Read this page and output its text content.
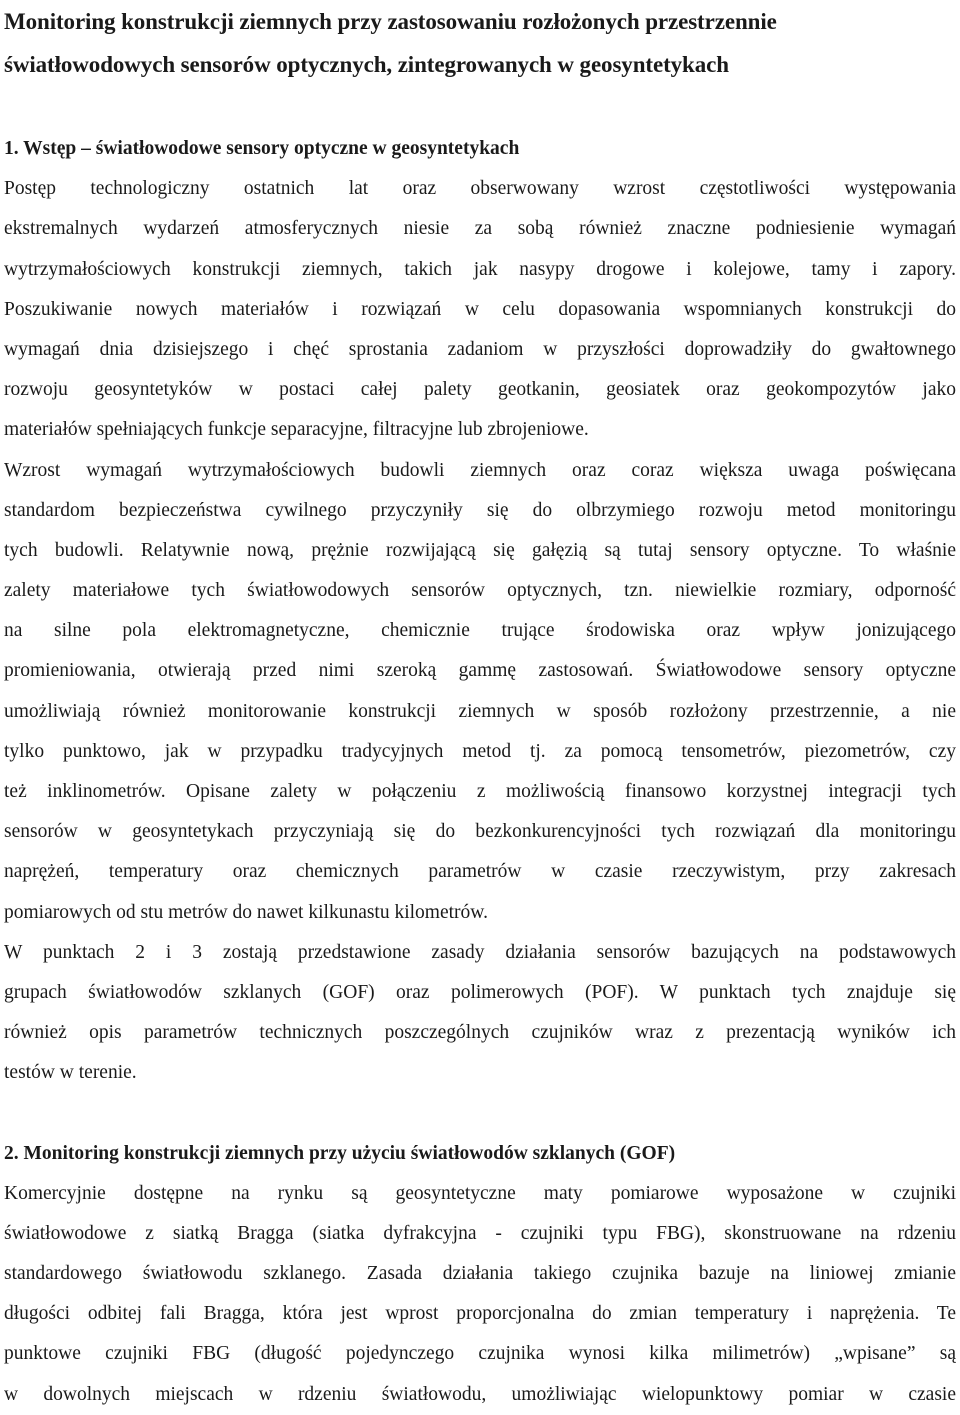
Monitoring konstrukcji ziemnych przy zastosowaniu rozłożonych przestrzennie
światłowodowych sensorów optycznych, zintegrowanych w geosyntetykach
1. Wstęp – światłowodowe sensory optyczne w geosyntetykach
Postęp technologiczny ostatnich lat oraz obserwowany wzrost częstotliwości występowania
ekstremalnych wydarzeń atmosferycznych niesie za sobą również znaczne podniesienie wymagań
wytrzymałościowych konstrukcji ziemnych, takich jak nasypy drogowe i kolejowe, tamy i zapory.
Poszukiwanie nowych materiałów i rozwiązań w celu dopasowania wspomnianych konstrukcji do
wymagań dnia dzisiejszego i chęć sprostania zadaniom w przyszłości doprowadziły do gwałtownego
rozwoju geosyntetyków w postaci całej palety geotkanin, geosiatek oraz geokompozytów jako
materiałów spełniających funkcje separacyjne, filtracyjne lub zbrojeniowe.
Wzrost wymagań wytrzymałościowych budowli ziemnych oraz coraz większa uwaga poświęcana
standardom bezpieczeństwa cywilnego przyczyniły się do olbrzymiego rozwoju metod monitoringu
tych budowli. Relatywnie nową, prężnie rozwijającą się gałęzią są tutaj sensory optyczne. To właśnie
zalety materiałowe tych światłowodowych sensorów optycznych, tzn. niewielkie rozmiary, odporność
na silne pola elektromagnetyczne, chemicznie trujące środowiska oraz wpływ jonizującego
promieniowania, otwierają przed nimi szeroką gammę zastosowań. Światłowodowe sensory optyczne
umożliwiają również monitorowanie konstrukcji ziemnych w sposób rozłożony przestrzennie, a nie
tylko punktowo, jak w przypadku tradycyjnych metod tj. za pomocą tensometrów, piezometrów, czy
też inklinometrów. Opisane zalety w połączeniu z możliwością finansowo korzystnej integracji tych
sensorów w geosyntetykach przyczyniają się do bezkonkurencyjności tych rozwiązań dla monitoringu
naprężeń, temperatury oraz chemicznych parametrów w czasie rzeczywistym, przy zakresach
pomiarowych od stu metrów do nawet kilkunastu kilometrów.
W punktach 2 i 3 zostają przedstawione zasady działania sensorów bazujących na podstawowych
grupach światłowodów szklanych (GOF) oraz polimerowych (POF). W punktach tych znajduje się
również opis parametrów technicznych poszczególnych czujników wraz z prezentacją wyników ich
testów w terenie.
2. Monitoring konstrukcji ziemnych przy użyciu światłowodów szklanych (GOF)
Komercyjnie dostępne na rynku są geosyntetyczne maty pomiarowe wyposażone w czujniki
światłowodowe z siatką Bragga (siatka dyfrakcyjna - czujniki typu FBG), skonstruowane na rdzeniu
standardowego światłowodu szklanego. Zasada działania takiego czujnika bazuje na liniowej zmianie
długości odbitej fali Bragga, która jest wprost proporcjonalna do zmian temperatury i naprężenia. Te
punktowe czujniki FBG (długość pojedynczego czujnika wynosi kilka milimetrów) „wpisane” są
w dowolnych miejscach w rdzeniu światłowodu, umożliwiając wielopunktowy pomiar w czasie
